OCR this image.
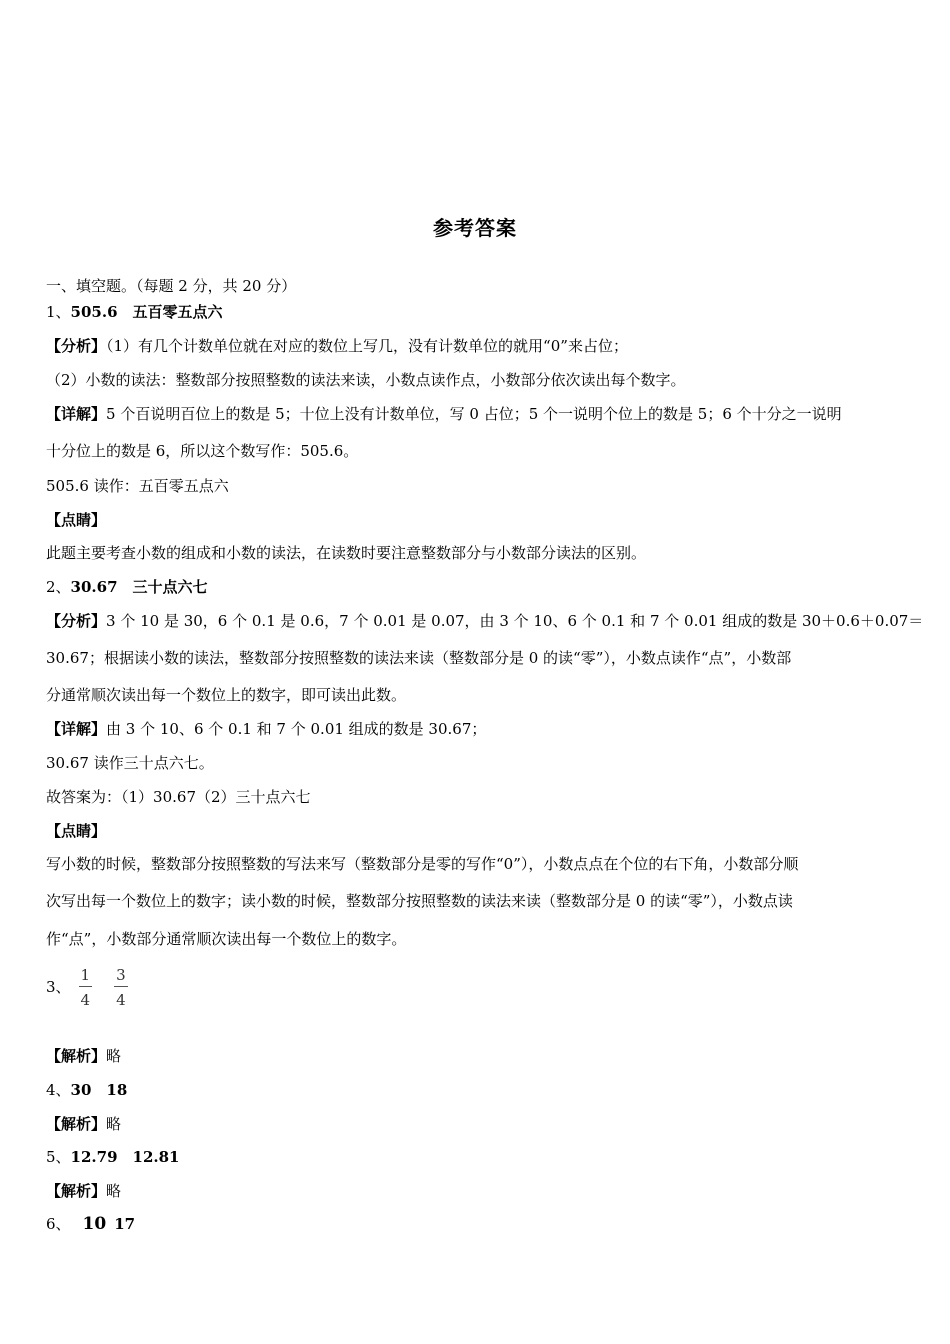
参考答案
一、填空题。（每题 2 分，共 20 分）
1、505.6　五百零五点六
【分析】（1）有几个计数单位就在对应的数位上写几，没有计数单位的就用“0”来占位；
（2）小数的读法：整数部分按照整数的读法来读，小数点读作点，小数部分依次读出每个数字。
【详解】5 个百说明百位上的数是 5；十位上没有计数单位，写 0 占位；5 个一说明个位上的数是 5；6 个十分之一说明
十分位上的数是 6，所以这个数写作：505.6。
505.6 读作：五百零五点六
【点睛】
此题主要考查小数的组成和小数的读法，在读数时要注意整数部分与小数部分读法的区别。
2、30.67　三十点六七
【分析】3 个 10 是 30，6 个 0.1 是 0.6，7 个 0.01 是 0.07，由 3 个 10、6 个 0.1 和 7 个 0.01 组成的数是 30＋0.6＋0.07＝
30.67；根据读小数的读法，整数部分按照整数的读法来读（整数部分是 0 的读“零”），小数点读作“点”，小数部
分通常顺次读出每一个数位上的数字，即可读出此数。
【详解】由 3 个 10、6 个 0.1 和 7 个 0.01 组成的数是 30.67；
30.67 读作三十点六七。
故答案为：（1）30.67（2）三十点六七
【点睛】
写小数的时候，整数部分按照整数的写法来写（整数部分是零的写作“0”），小数点点在个位的右下角，小数部分顺
次写出每一个数位上的数字；读小数的时候，整数部分按照整数的读法来读（整数部分是 0 的读“零”），小数点读
作“点”，小数部分通常顺次读出每一个数位上的数字。
3、 $\frac{1}{4} \frac{3}{4}$
【解析】略
4、30　18
【解析】略
5、12.79　12.81
【解析】略
6、 10 17
